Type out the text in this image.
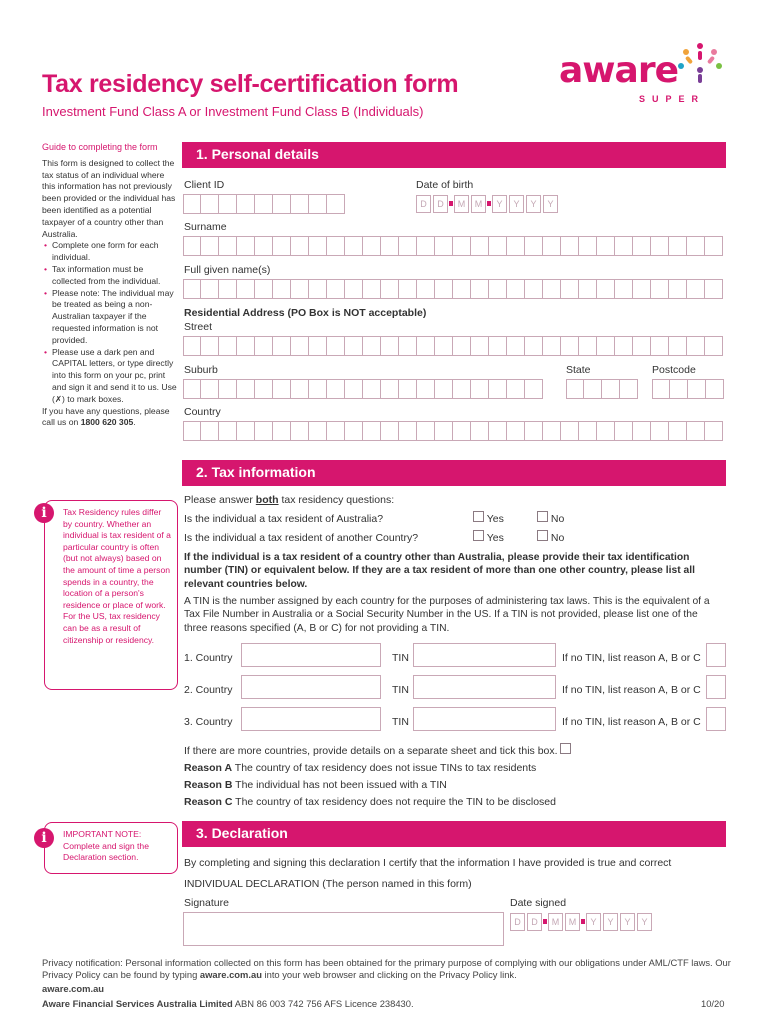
Tax residency self-certification form
Investment Fund Class A or Investment Fund Class B (Individuals)
aware
SUPER
Guide to completing the form

This form is designed to collect the tax status of an individual where this information has not previously been provided or the individual has been identified as a potential taxpayer of a country other than Australia.

• Complete one form for each individual.
• Tax information must be collected from the individual.
• Please note: The individual may be treated as being a non-Australian taxpayer if the requested information is not provided.
• Please use a dark pen and CAPITAL letters, or type directly into this form on your pc, print and sign it and send it to us. Use (✗) to mark boxes.

If you have any questions, please call us on 1800 620 305.

Tax Residency rules differ by country. Whether an individual is tax resident of a particular country is often (but not always) based on the amount of time a person spends in a country, the location of a person's residence or place of work. For the US, tax residency can be as a result of citizenship or residency.
i
IMPORTANT NOTE:
Complete and sign the Declaration section.
i
1. Personal details
Client ID	Date of birth
D	D	M	M	Y	Y	Y	Y
Surname
Full given name(s)
Residential Address (PO Box is NOT acceptable)
Street
Suburb	State	Postcode
Country
2. Tax information
Please answer both tax residency questions:
Is the individual a tax resident of Australia?	Yes	No
Is the individual a tax resident of another Country?	Yes	No
If the individual is a tax resident of a country other than Australia, please provide their tax identification number (TIN) or equivalent below. If they are a tax resident of more than one other country, please list all relevant countries below.
A TIN is the number assigned by each country for the purposes of administering tax laws. This is the equivalent of a Tax File Number in Australia or a Social Security Number in the US. If a TIN is not provided, please list one of the three reasons specified (A, B or C) for not providing a TIN.
1. Country	TIN	If no TIN, list reason A, B or C
2. Country	TIN	If no TIN, list reason A, B or C
3. Country	TIN	If no TIN, list reason A, B or C
If there are more countries, provide details on a separate sheet and tick this box.
Reason A The country of tax residency does not issue TINs to tax residents
Reason B The individual has not been issued with a TIN
Reason C The country of tax residency does not require the TIN to be disclosed
3. Declaration
By completing and signing this declaration I certify that the information I have provided is true and correct
INDIVIDUAL DECLARATION (The person named in this form)
Signature	Date signed
D	D	M	M	Y	Y	Y	Y
Privacy notification: Personal information collected on this form has been obtained for the primary purpose of complying with our obligations under AML/CTF laws. Our Privacy Policy can be found by typing aware.com.au into your web browser and clicking on the Privacy Policy link.
aware.com.au
Aware Financial Services Australia Limited ABN 86 003 742 756 AFS Licence 238430.	10/20
